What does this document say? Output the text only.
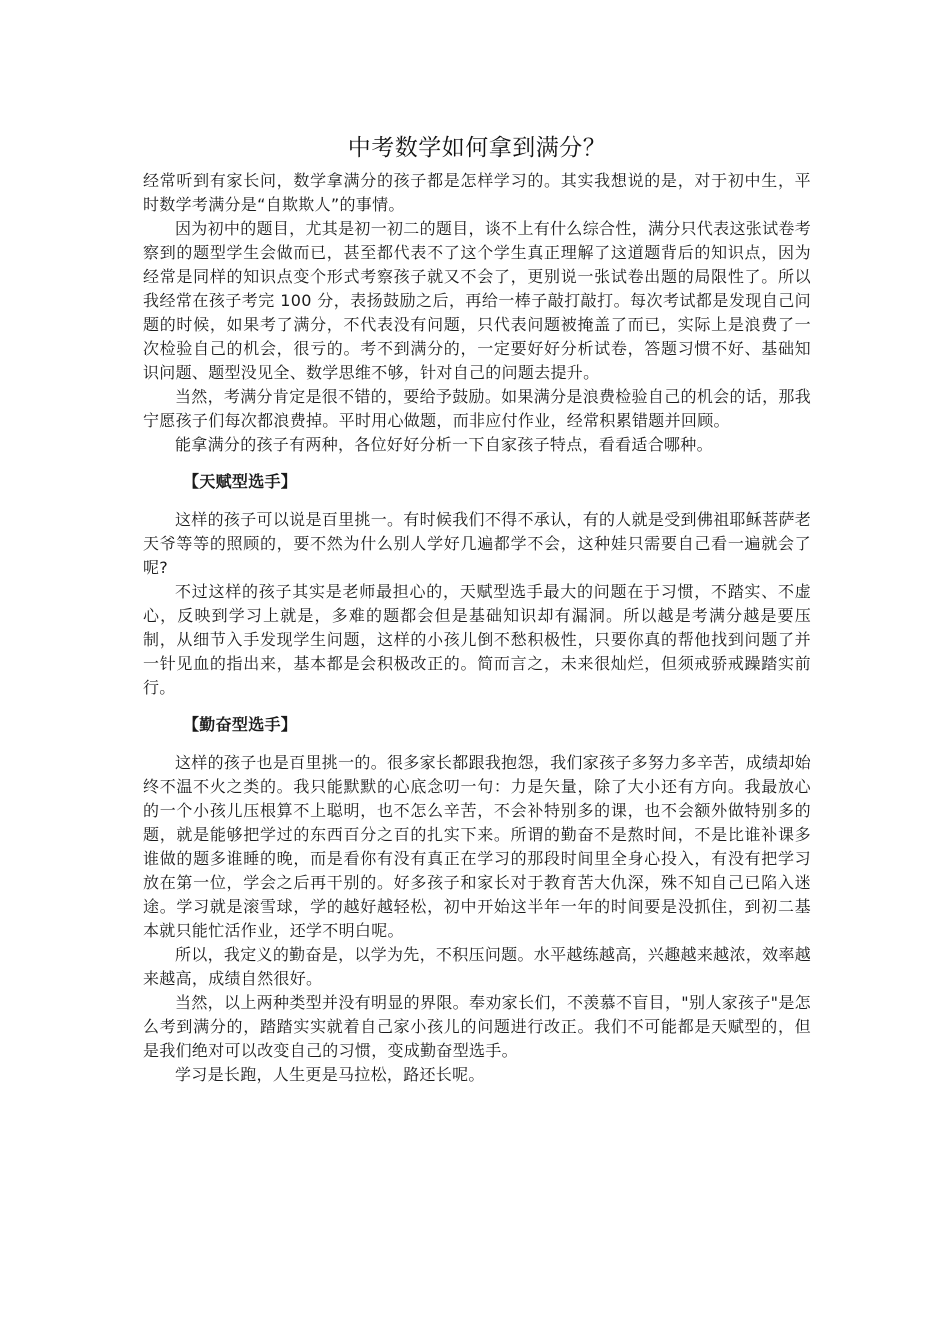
中考数学如何拿到满分？

经常听到有家长问，数学拿满分的孩子都是怎样学习的。其实我想说的是，对于初中生，平时数学考满分是“自欺欺人”的事情。

因为初中的题目，尤其是初一初二的题目，谈不上有什么综合性，满分只代表这张试卷考察到的题型学生会做而已，甚至都代表不了这个学生真正理解了这道题背后的知识点，因为经常是同样的知识点变个形式考察孩子就又不会了，更别说一张试卷出题的局限性了。所以我经常在孩子考完 100 分，表扬鼓励之后，再给一棒子敲打敲打。每次考试都是发现自己问题的时候，如果考了满分，不代表没有问题，只代表问题被掩盖了而已，实际上是浪费了一次检验自己的机会，很亏的。考不到满分的，一定要好好分析试卷，答题习惯不好、基础知识问题、题型没见全、数学思维不够，针对自己的问题去提升。

当然，考满分肯定是很不错的，要给予鼓励。如果满分是浪费检验自己的机会的话，那我宁愿孩子们每次都浪费掉。平时用心做题，而非应付作业，经常积累错题并回顾。

能拿满分的孩子有两种，各位好好分析一下自家孩子特点，看看适合哪种。

【天赋型选手】

这样的孩子可以说是百里挑一。有时候我们不得不承认，有的人就是受到佛祖耶稣菩萨老天爷等等的照顾的，要不然为什么别人学好几遍都学不会，这种娃只需要自己看一遍就会了呢?

不过这样的孩子其实是老师最担心的，天赋型选手最大的问题在于习惯，不踏实、不虚心，反映到学习上就是，多难的题都会但是基础知识却有漏洞。所以越是考满分越是要压制，从细节入手发现学生问题，这样的小孩儿倒不愁积极性，只要你真的帮他找到问题了并一针见血的指出来，基本都是会积极改正的。简而言之，未来很灿烂，但须戒骄戒躁踏实前行。

【勤奋型选手】

这样的孩子也是百里挑一的。很多家长都跟我抱怨，我们家孩子多努力多辛苦，成绩却始终不温不火之类的。我只能默默的心底念叨一句：力是矢量，除了大小还有方向。我最放心的一个小孩儿压根算不上聪明，也不怎么辛苦，不会补特别多的课，也不会额外做特别多的题，就是能够把学过的东西百分之百的扎实下来。所谓的勤奋不是熬时间，不是比谁补课多谁做的题多谁睡的晚，而是看你有没有真正在学习的那段时间里全身心投入，有没有把学习放在第一位，学会之后再干别的。好多孩子和家长对于教育苦大仇深，殊不知自己已陷入迷途。学习就是滚雪球，学的越好越轻松，初中开始这半年一年的时间要是没抓住，到初二基本就只能忙活作业，还学不明白呢。

所以，我定义的勤奋是，以学为先，不积压问题。水平越练越高，兴趣越来越浓，效率越来越高，成绩自然很好。

当然，以上两种类型并没有明显的界限。奉劝家长们，不羡慕不盲目，"别人家孩子"是怎么考到满分的，踏踏实实就着自己家小孩儿的问题进行改正。我们不可能都是天赋型的，但是我们绝对可以改变自己的习惯，变成勤奋型选手。

学习是长跑，人生更是马拉松，路还长呢。
